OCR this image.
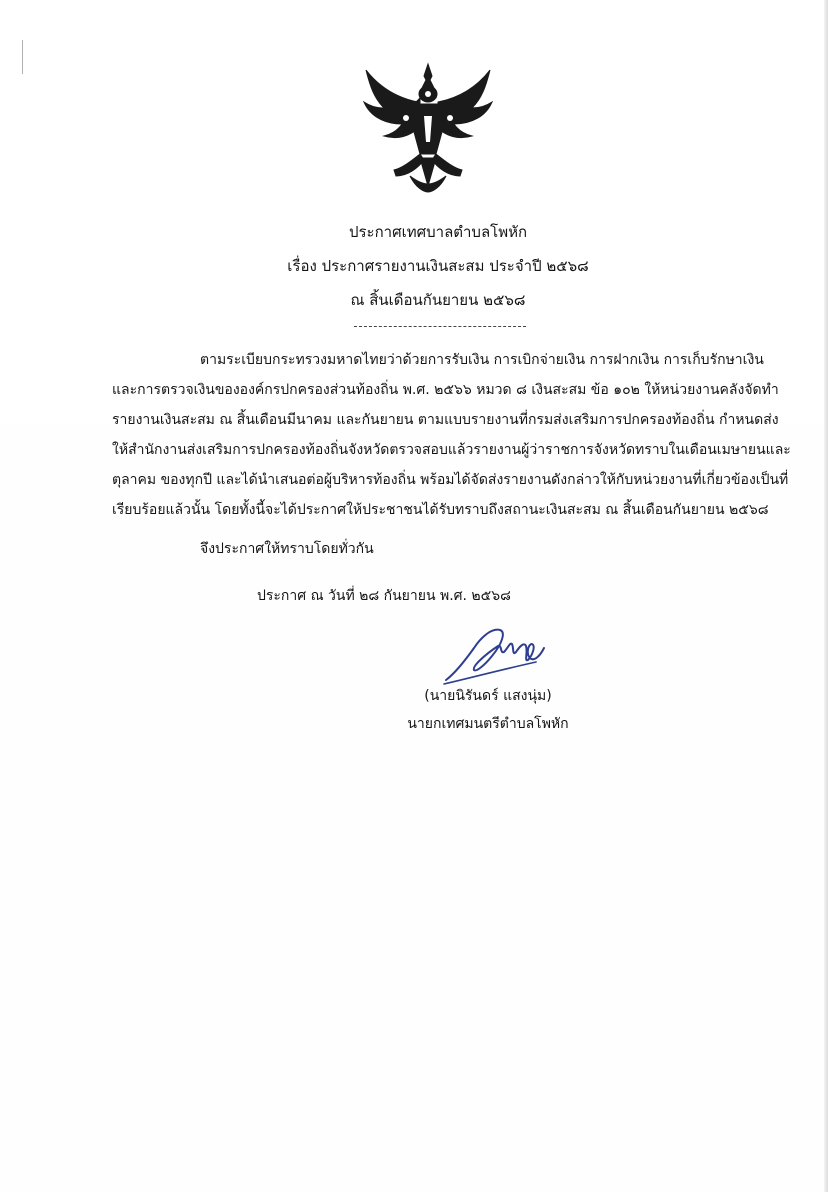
ประกาศเทศบาลตำบลโพหัก
เรื่อง ประกาศรายงานเงินสะสม ประจำปี ๒๕๖๘
ณ สิ้นเดือนกันยายน ๒๕๖๘
ตามระเบียบกระทรวงมหาดไทยว่าด้วยการรับเงิน การเบิกจ่ายเงิน การฝากเงิน การเก็บรักษาเงิน
และการตรวจเงินขององค์กรปกครองส่วนท้องถิ่น พ.ศ. ๒๕๖๖ หมวด ๘ เงินสะสม ข้อ ๑๐๒ ให้หน่วยงานคลังจัดทำ
รายงานเงินสะสม ณ สิ้นเดือนมีนาคม และกันยายน ตามแบบรายงานที่กรมส่งเสริมการปกครองท้องถิ่น กำหนดส่ง
ให้สำนักงานส่งเสริมการปกครองท้องถิ่นจังหวัดตรวจสอบแล้วรายงานผู้ว่าราชการจังหวัดทราบในเดือนเมษายนและ
ตุลาคม ของทุกปี และได้นำเสนอต่อผู้บริหารท้องถิ่น พร้อมได้จัดส่งรายงานดังกล่าวให้กับหน่วยงานที่เกี่ยวข้องเป็นที่
เรียบร้อยแล้วนั้น โดยทั้งนี้จะได้ประกาศให้ประชาชนได้รับทราบถึงสถานะเงินสะสม ณ สิ้นเดือนกันยายน ๒๕๖๘
จึงประกาศให้ทราบโดยทั่วกัน
ประกาศ ณ วันที่ ๒๘ กันยายน พ.ศ. ๒๕๖๘
(นายนิรันดร์ แสงนุ่ม)
นายกเทศมนตรีตำบลโพหัก
